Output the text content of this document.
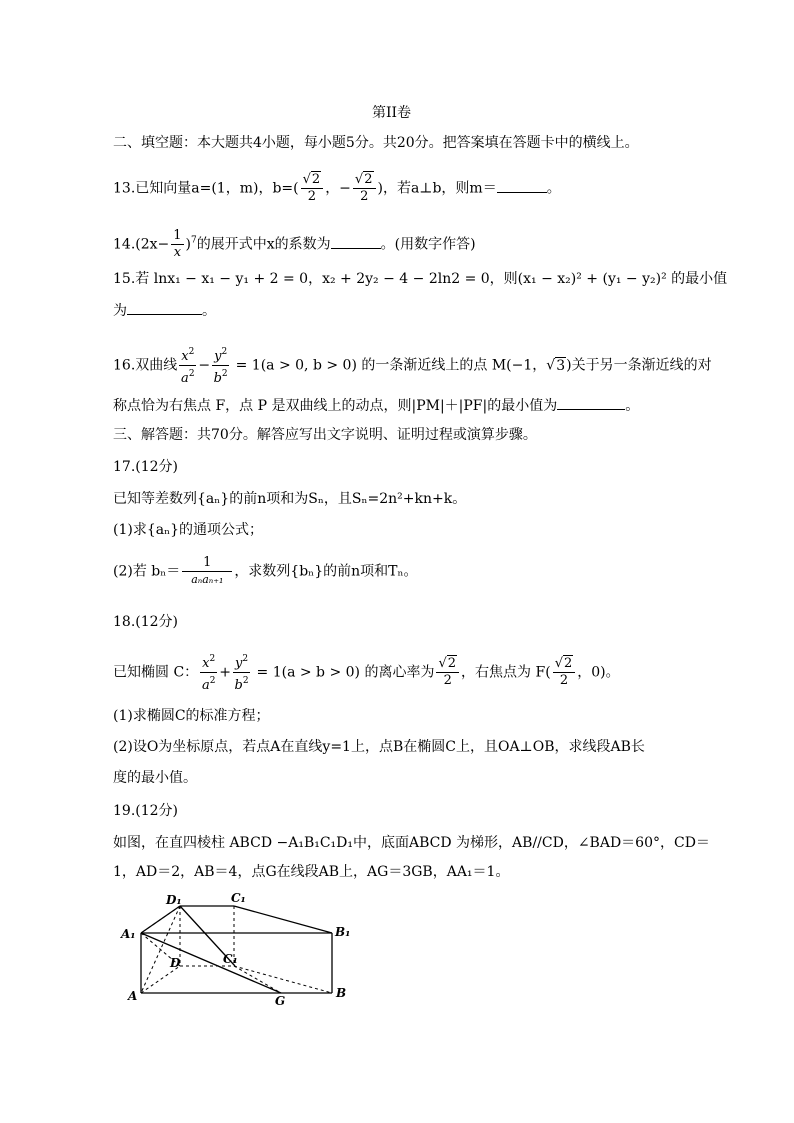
第II卷
二、填空题：本大题共4小题，每小题5分。共20分。把答案填在答题卡中的横线上。
13.已知向量a=(1，m)，$b=( \frac{√2}{2}$ ，− $\frac{√2}{2}$ )，若a⊥b，则m＝	。
$14.(2x- \frac{1}{x} )^7$的展开式中x的系数为	。(用数字作答)
15.若 lnx₁ − x₁ − y₁ + 2 = 0，x₂ + 2y₂ − 4 − 2ln2 = 0，则(x₁ − x₂)² + (y₁ − y₂)² 的最小值
为	。
16.双曲线 $\frac{x^2}{a^2} - \frac{y^2}{b^2} = 1(a > 0$, b > 0) 的一条渐近线上的点 M(−1，√3)关于另一条渐近线的对
称点恰为右焦点 F，点 P 是双曲线上的动点，则|PM|＋|PF|的最小值为	。
三、解答题：共70分。解答应写出文字说明、证明过程或演算步骤。
17.(12分)
已知等差数列{aₙ}的前n项和为Sₙ，且Sₙ=2n²+kn+k。
(1)求{aₙ}的通项公式；
(2)若 $b_n= \frac{1}{\text{aₙaₙ₊₁}}$ ，求数列{bₙ}的前n项和Tₙ。
18.(12分)
已知椭圆 C： $\frac{x^2}{a^2} + \frac{y^2}{b^2} = 1(a > b > 0)$ 的离心率为 $\frac{√2}{2}$ ，右焦点为 $F( \frac{√2}{2}$ ，0)。
(1)求椭圆C的标准方程；
(2)设O为坐标原点，若点A在直线y=1上，点B在椭圆C上，且OA⊥OB，求线段AB长
度的最小值。
19.(12分)
如图，在直四棱柱 ABCD −A₁B₁C₁D₁中，底面ABCD 为梯形，AB//CD，∠BAD＝60°，CD＝
1，AD＝2，AB＝4，点G在线段AB上，AG＝3GB，AA₁＝1。
D₁	C₁
A₁	B₁
D	C₁
A	G
B
